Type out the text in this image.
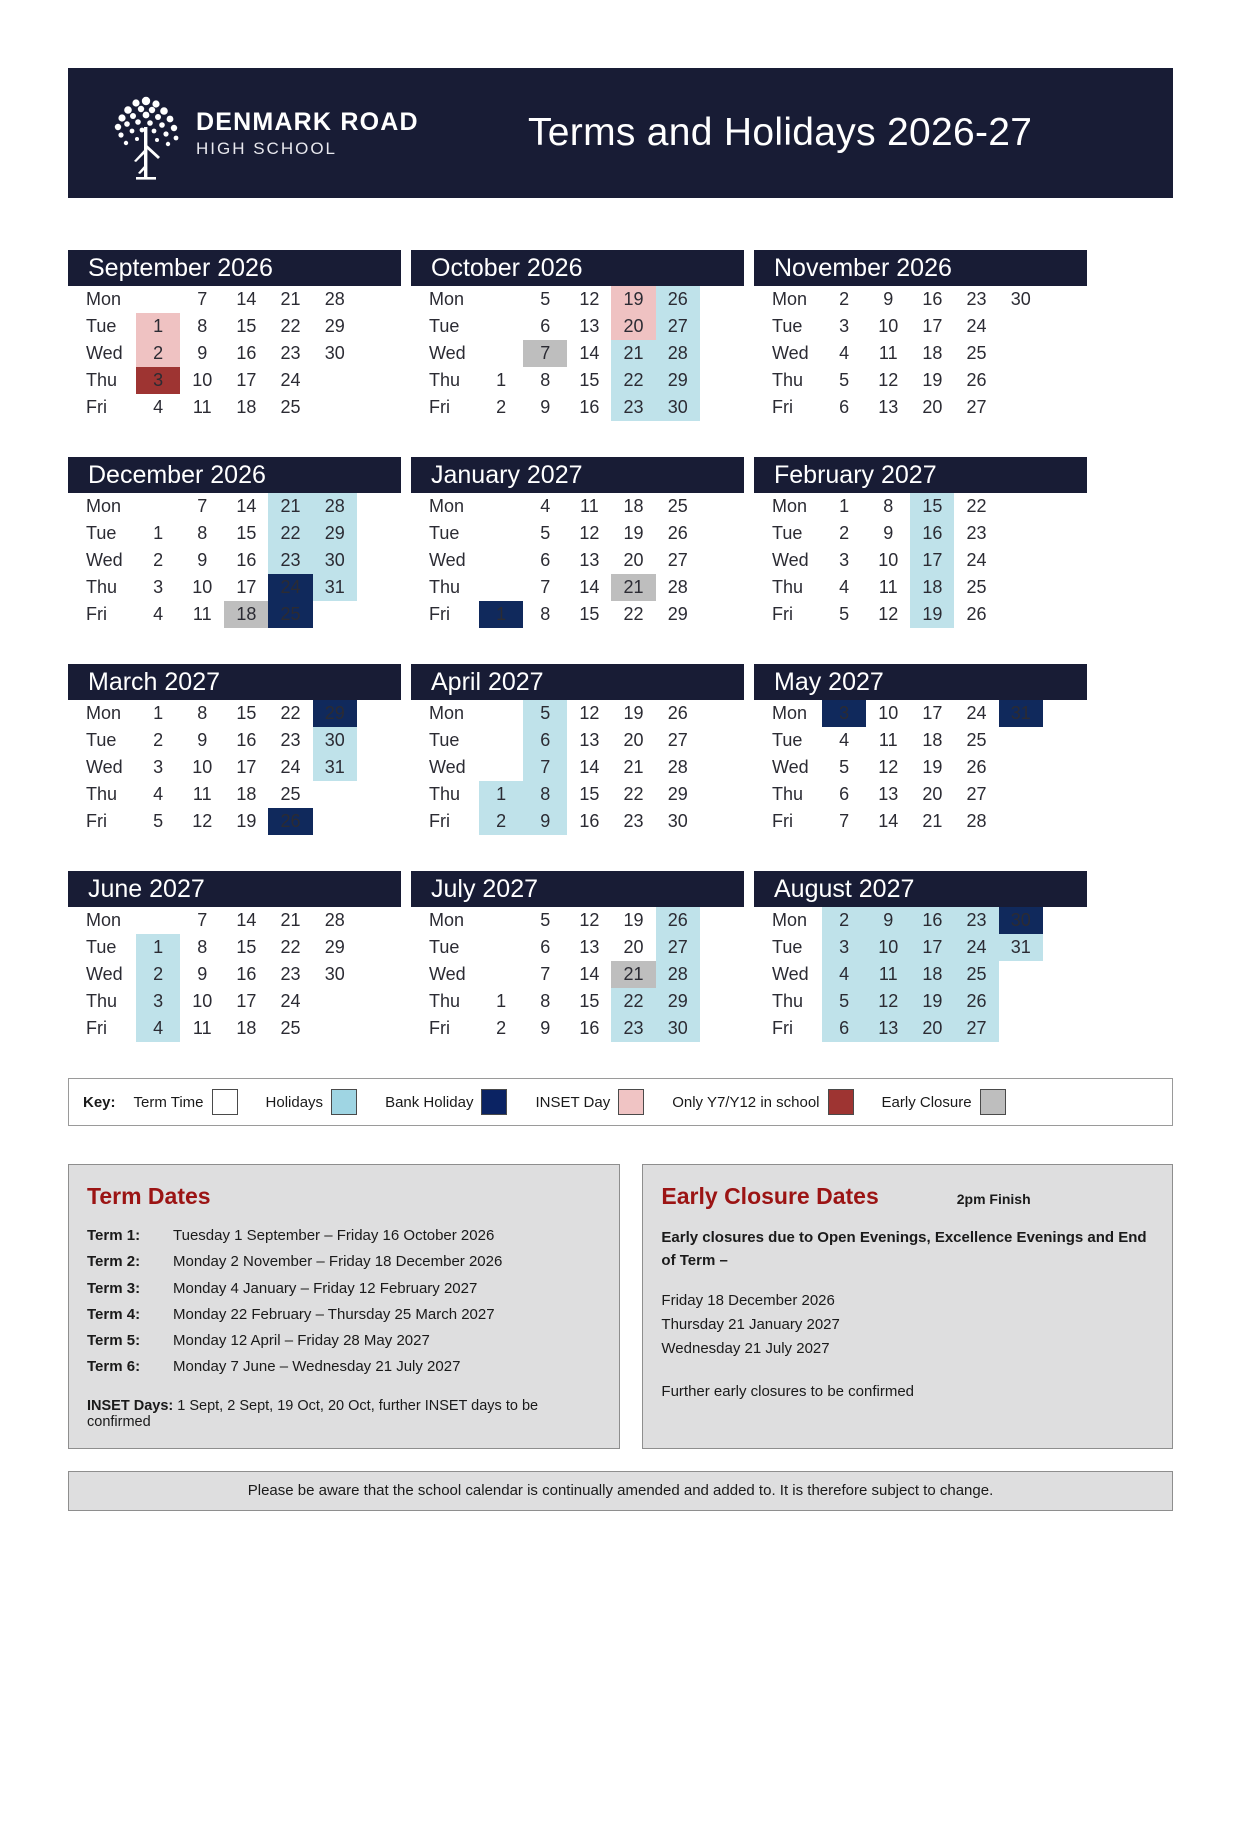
DENMARK ROAD
HIGH SCHOOL	Terms and Holidays 2026-27
September 2026
Mon		7	14	21	28	
Tue	1	8	15	22	29	
Wed	2	9	16	23	30	
Thu	3	10	17	24		
Fri	4	11	18	25		
October 2026
Mon		5	12	19	26	
Tue		6	13	20	27	
Wed		7	14	21	28	
Thu	1	8	15	22	29	
Fri	2	9	16	23	30	
November 2026
Mon	2	9	16	23	30	
Tue	3	10	17	24		
Wed	4	11	18	25		
Thu	5	12	19	26		
Fri	6	13	20	27		
December 2026
Mon		7	14	21	28	
Tue	1	8	15	22	29	
Wed	2	9	16	23	30	
Thu	3	10	17	24	31	
Fri	4	11	18	25		
January 2027
Mon		4	11	18	25	
Tue		5	12	19	26	
Wed		6	13	20	27	
Thu		7	14	21	28	
Fri	1	8	15	22	29	
February 2027
Mon	1	8	15	22		
Tue	2	9	16	23		
Wed	3	10	17	24		
Thu	4	11	18	25		
Fri	5	12	19	26		
March 2027
Mon	1	8	15	22	29	
Tue	2	9	16	23	30	
Wed	3	10	17	24	31	
Thu	4	11	18	25		
Fri	5	12	19	26		
April 2027
Mon		5	12	19	26	
Tue		6	13	20	27	
Wed		7	14	21	28	
Thu	1	8	15	22	29	
Fri	2	9	16	23	30	
May 2027
Mon	3	10	17	24	31	
Tue	4	11	18	25		
Wed	5	12	19	26		
Thu	6	13	20	27		
Fri	7	14	21	28		
June 2027
Mon		7	14	21	28	
Tue	1	8	15	22	29	
Wed	2	9	16	23	30	
Thu	3	10	17	24		
Fri	4	11	18	25		
July 2027
Mon		5	12	19	26	
Tue		6	13	20	27	
Wed		7	14	21	28	
Thu	1	8	15	22	29	
Fri	2	9	16	23	30	
August 2027
Mon	2	9	16	23	30	
Tue	3	10	17	24	31	
Wed	4	11	18	25		
Thu	5	12	19	26		
Fri	6	13	20	27		
Key: Term Time	Holidays	Bank Holiday	INSET Day	Only Y7/Y12 in school	Early Closure
Term Dates
Term 1:	Tuesday 1 September – Friday 16 October 2026
Term 2:	Monday 2 November – Friday 18 December 2026
Term 3:	Monday 4 January – Friday 12 February 2027
Term 4:	Monday 22 February – Thursday 25 March 2027
Term 5:	Monday 12 April – Friday 28 May 2027
Term 6:	Monday 7 June – Wednesday 21 July 2027
INSET Days: 1 Sept, 2 Sept, 19 Oct, 20 Oct, further INSET days to be confirmed
Early Closure Dates	2pm Finish
Early closures due to Open Evenings, Excellence Evenings and End of Term –
Friday 18 December 2026
Thursday 21 January 2027
Wednesday 21 July 2027
Further early closures to be confirmed
Please be aware that the school calendar is continually amended and added to. It is therefore subject to change.
